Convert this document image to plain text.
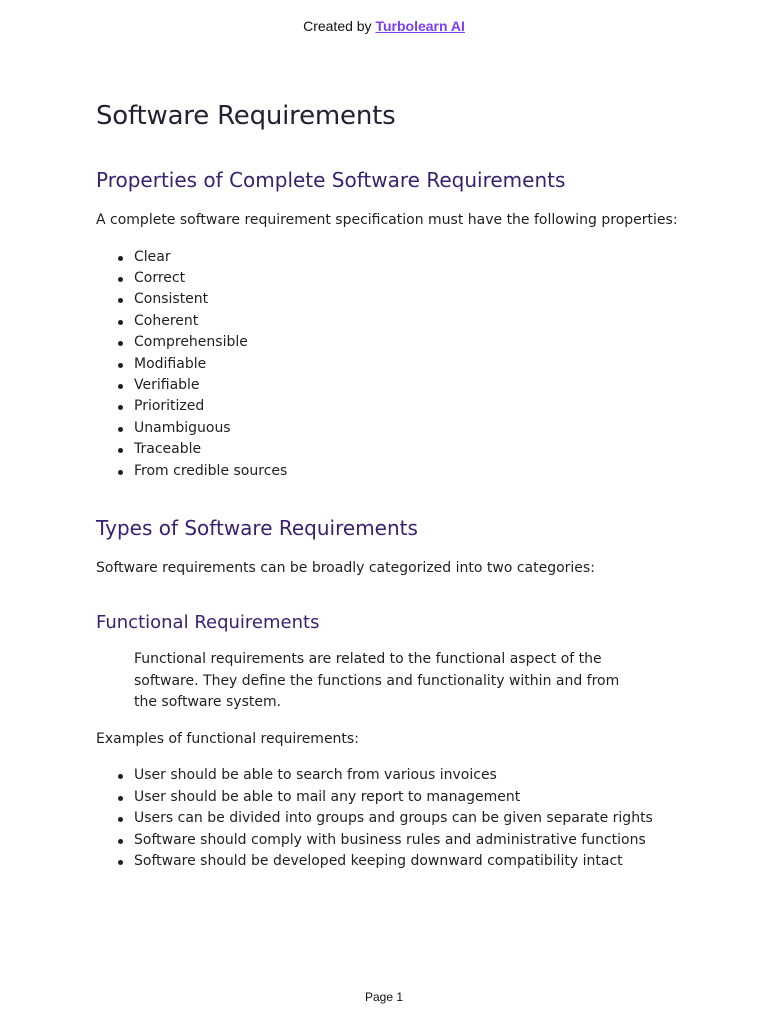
Created by Turbolearn AI
Software Requirements
Properties of Complete Software Requirements

A complete software requirement specification must have the following properties:

Clear
Correct
Consistent
Coherent
Comprehensible
Modifiable
Verifiable
Prioritized
Unambiguous
Traceable
From credible sources
Types of Software Requirements

Software requirements can be broadly categorized into two categories:

Functional Requirements

Functional requirements are related to the functional aspect of the software. They define the functions and functionality within and from the software system.

Examples of functional requirements:

User should be able to search from various invoices
User should be able to mail any report to management
Users can be divided into groups and groups can be given separate rights
Software should comply with business rules and administrative functions
Software should be developed keeping downward compatibility intact
Page 1
